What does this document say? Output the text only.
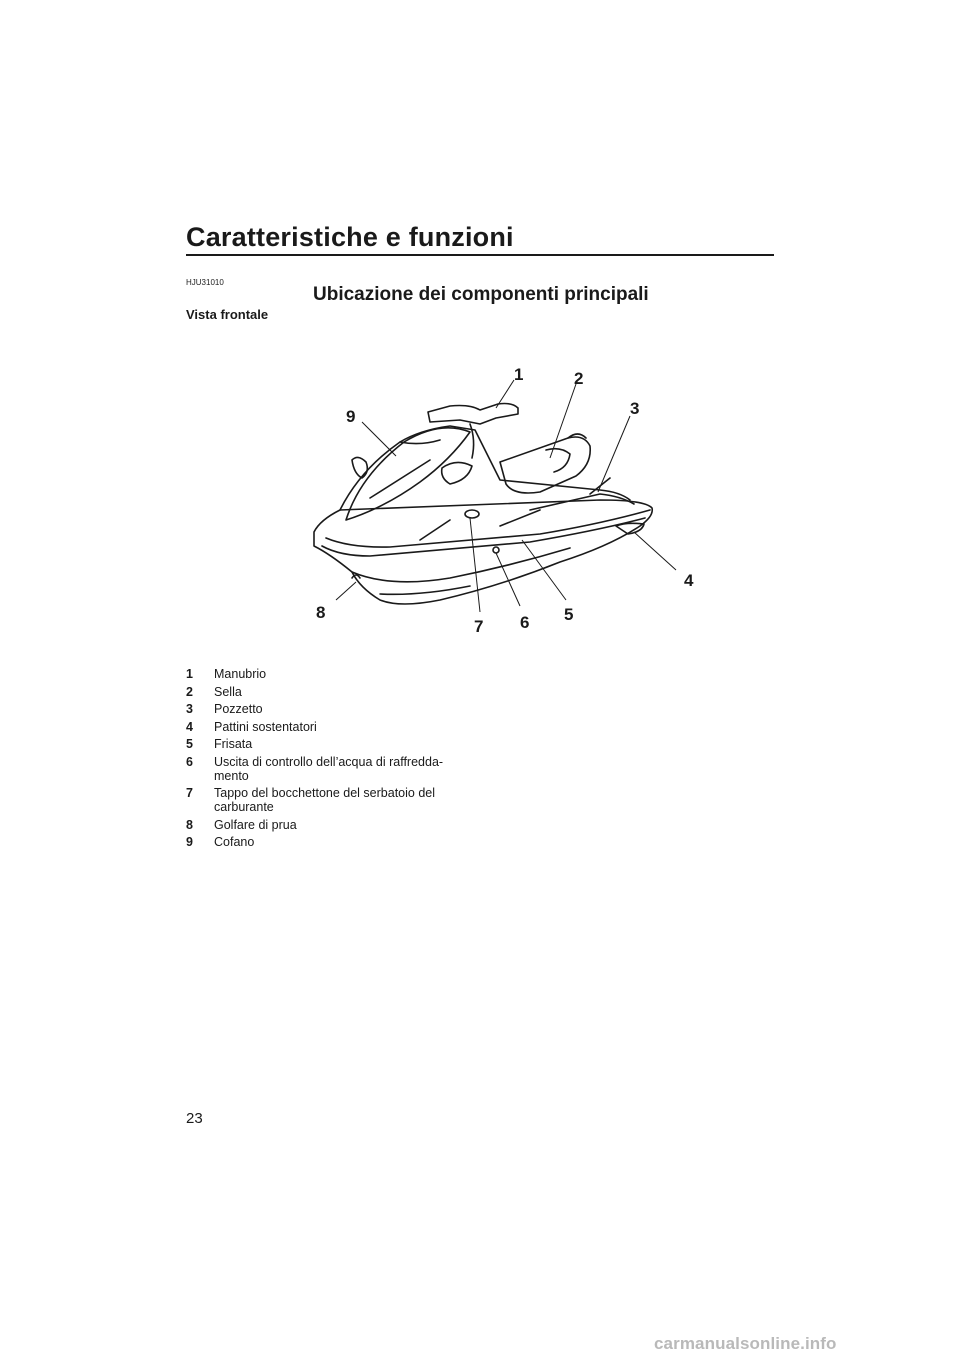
Caratteristiche e funzioni
HJU31010
Ubicazione dei componenti principali
Vista frontale
1	2
3
4
5
6
7
8
9
1 Manubrio
2 Sella
3 Pozzetto
4 Pattini sostentatori
5 Frisata
6 Uscita di controllo dell’acqua di raffredda-mento
7 Tappo del bocchettone del serbatoio del carburante
8 Golfare di prua
9 Cofano
23
carmanualsonline.info
